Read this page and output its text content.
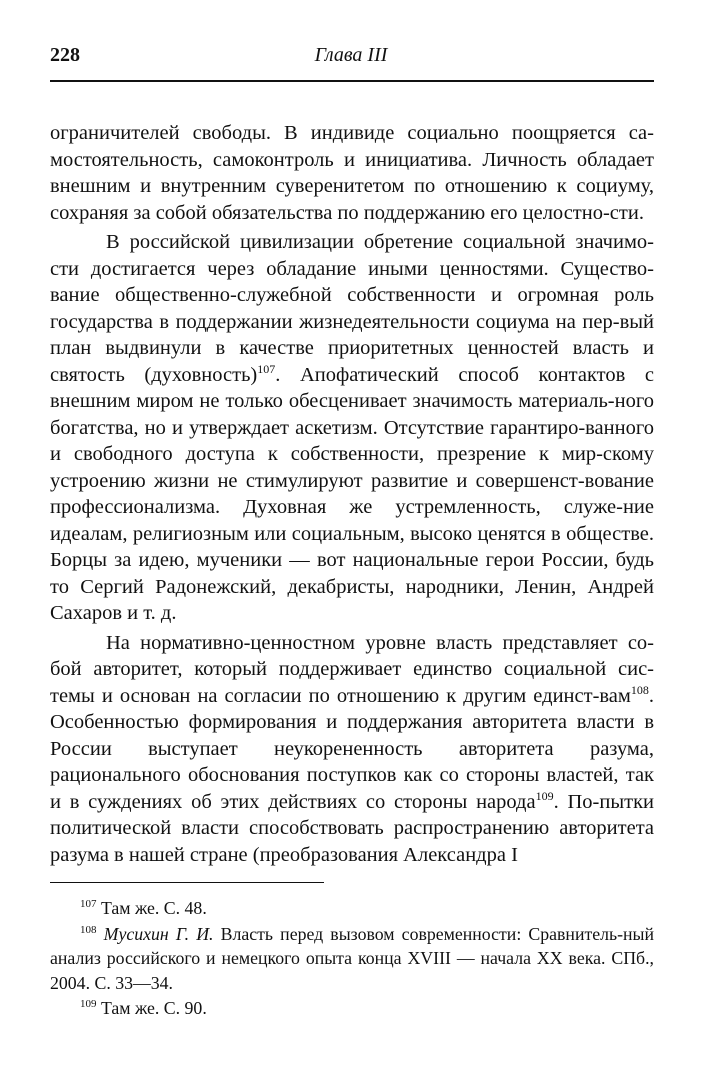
228	Глава III

ограничителей свободы. В индивиде социально поощряется са-мостоятельность, самоконтроль и инициатива. Личность обладает внешним и внутренним суверенитетом по отношению к социуму, сохраняя за собой обязательства по поддержанию его целостно-сти.

В российской цивилизации обретение социальной значимо-сти достигается через обладание иными ценностями. Существо-вание общественно-служебной собственности и огромная роль государства в поддержании жизнедеятельности социума на пер-вый план выдвинули в качестве приоритетных ценностей власть и святость (духовность)$^{107}$. Апофатический способ контактов с внешним миром не только обесценивает значимость материаль-ного богатства, но и утверждает аскетизм. Отсутствие гарантиро-ванного и свободного доступа к собственности, презрение к мир-скому устроению жизни не стимулируют развитие и совершенст-вование профессионализма. Духовная же устремленность, служе-ние идеалам, религиозным или социальным, высоко ценятся в обществе. Борцы за идею, мученики — вот национальные герои России, будь то Сергий Радонежский, декабристы, народники, Ленин, Андрей Сахаров и т. д.

На нормативно-ценностном уровне власть представляет со-бой авторитет, который поддерживает единство социальной сис-темы и основан на согласии по отношению к другим единст-вам$^{108}$. Особенностью формирования и поддержания авторитета власти в России выступает неукорененность авторитета разума, рационального обоснования поступков как со стороны властей, так и в суждениях об этих действиях со стороны народа$^{109}$. По-пытки политической власти способствовать распространению авторитета разума в нашей стране (преобразования Александра I

$^{107}$ Там же. С. 48.

$^{108}$ Мусихин Г. И. Власть перед вызовом современности: Сравнитель-ный анализ российского и немецкого опыта конца XVIII — начала XX века. СПб., 2004. С. 33—34.

$^{109}$ Там же. С. 90.
